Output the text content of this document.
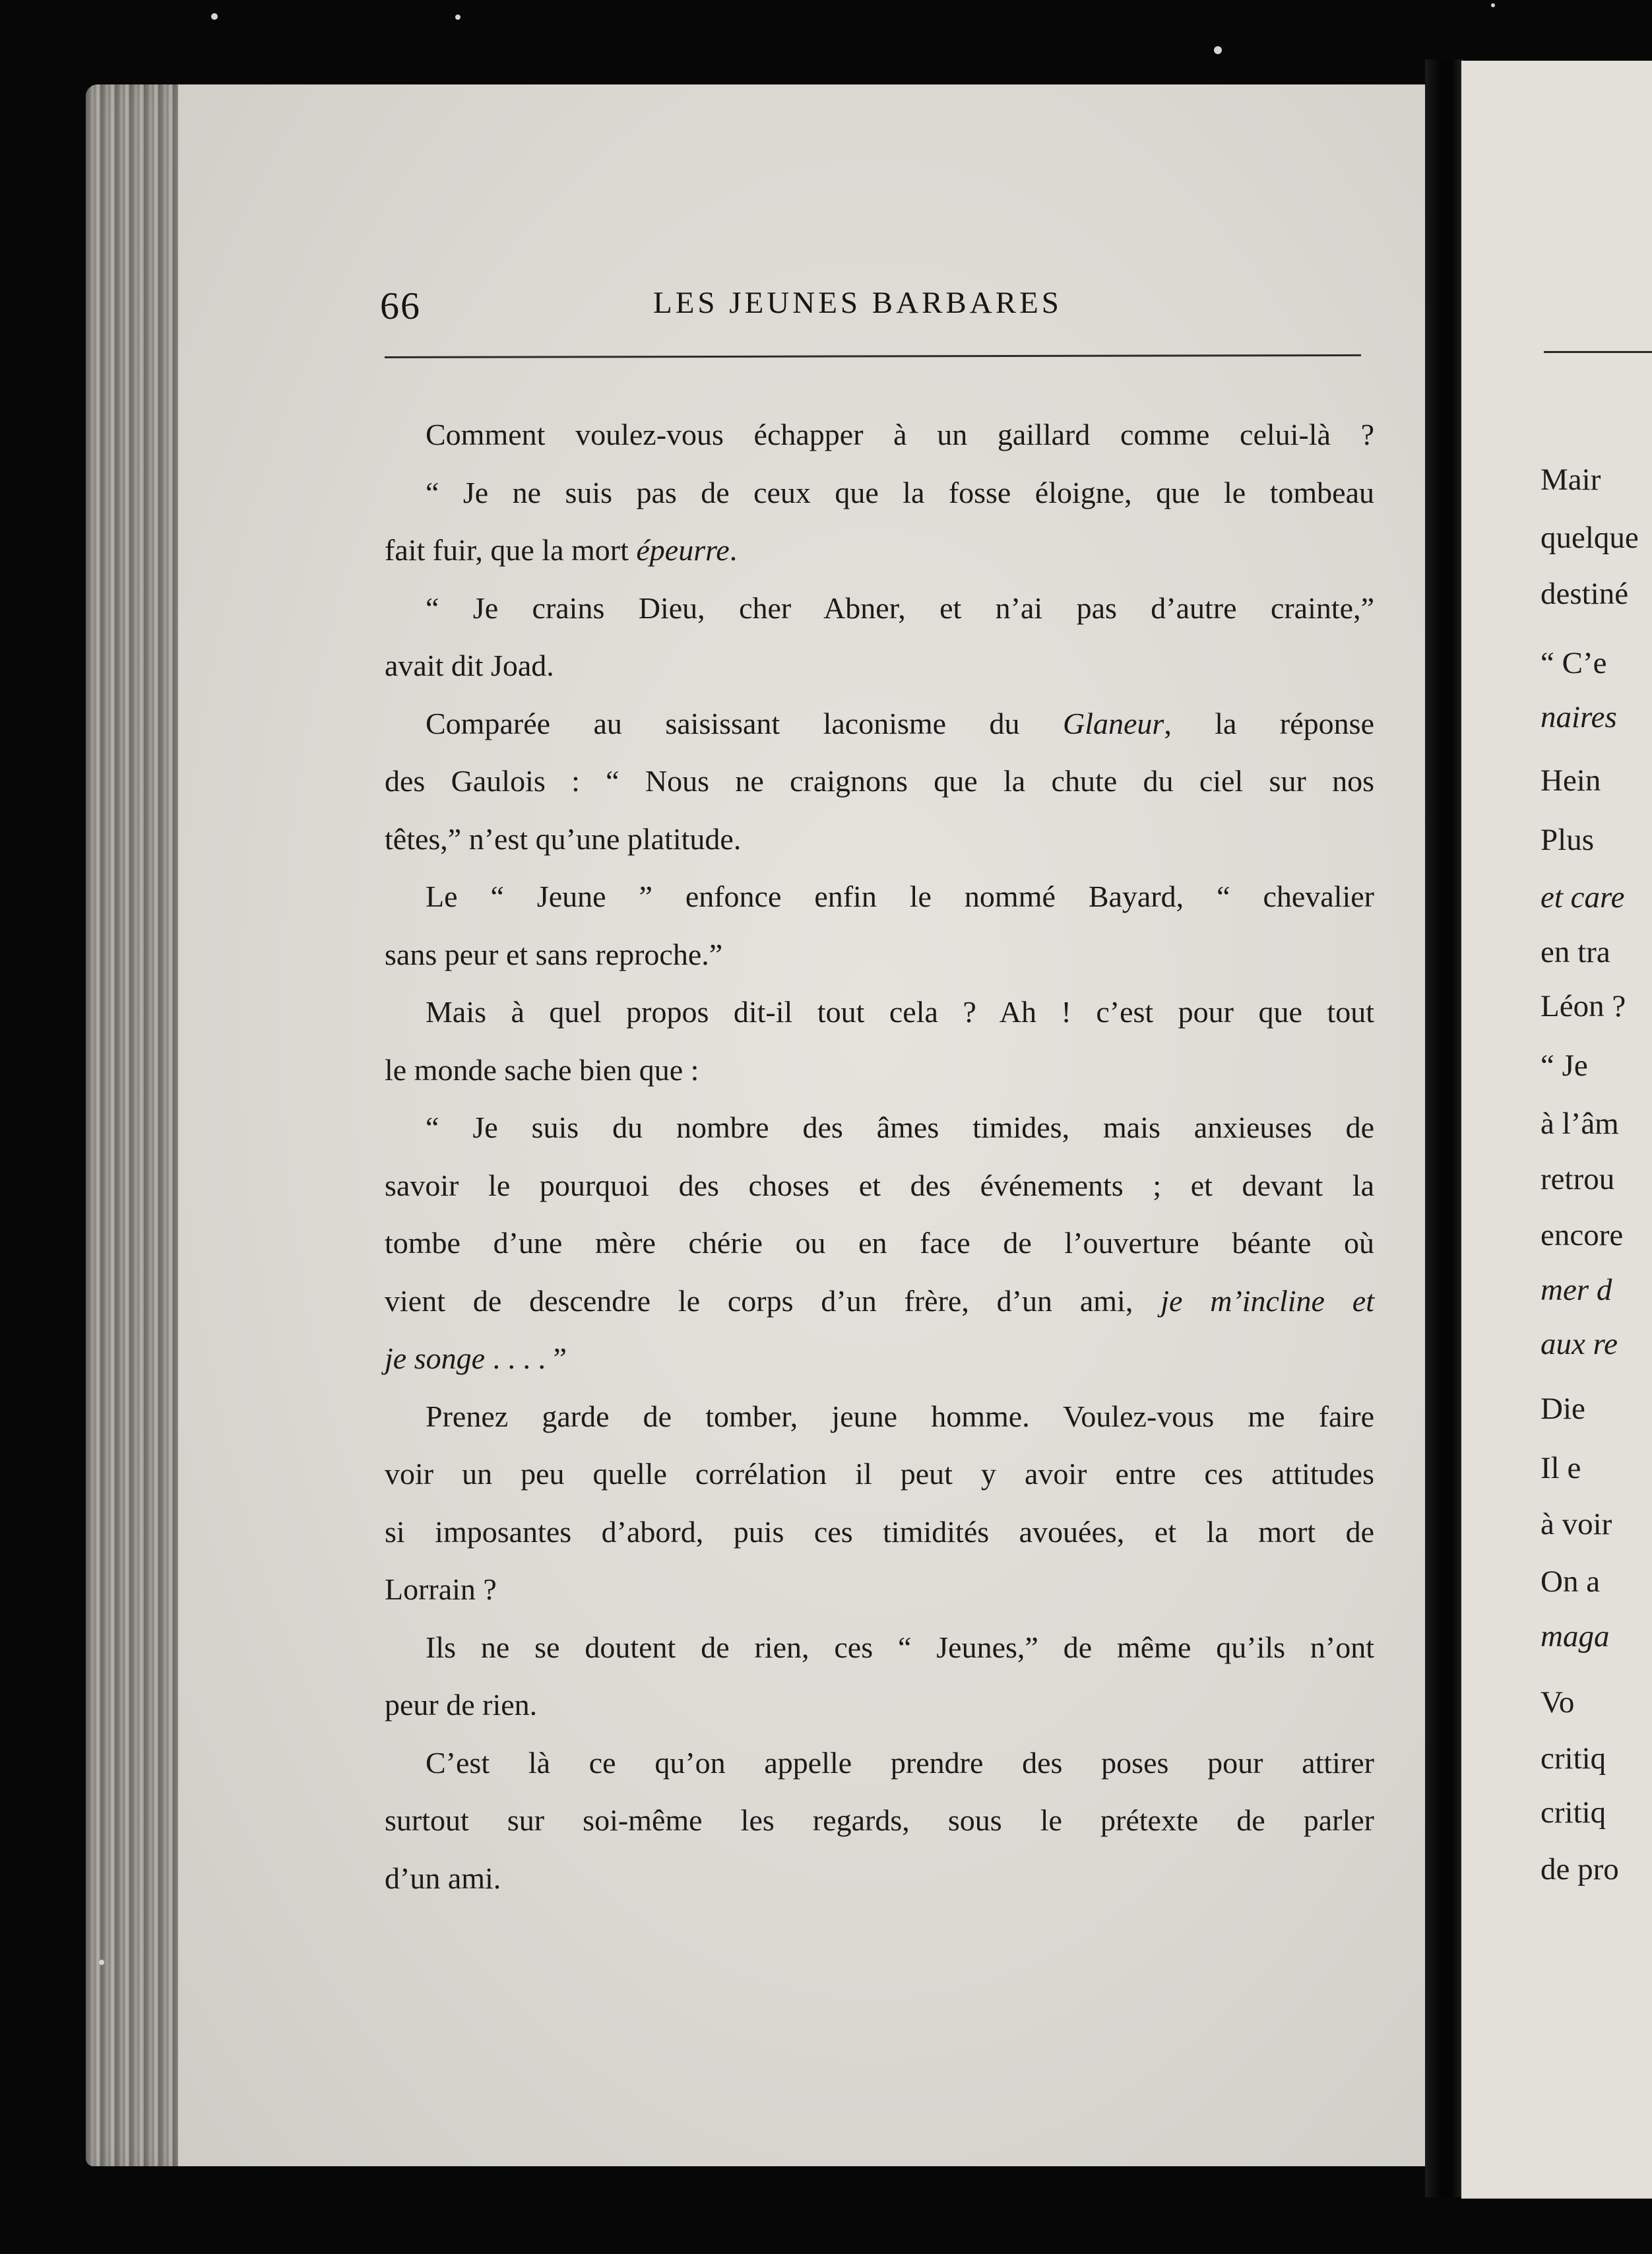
Mair
quelque
destiné
“ C’e
naires
Hein
Plus
et care
en tra
Léon ?
“ Je
à l’âm
retrou
encore
mer d
aux re
Die
Il e
à voir
On a
maga
Vo
critiq
critiq
de pro
66	LES JEUNES BARBARES
Comment voulez-vous échapper à un gaillard comme celui-là ?
“ Je ne suis pas de ceux que la fosse éloigne, que le tombeau
fait fuir, que la mort épeurre.
“ Je crains Dieu, cher Abner, et n’ai pas d’autre crainte,”
avait dit Joad.
Comparée au saisissant laconisme du Glaneur, la réponse
des Gaulois : “ Nous ne craignons que la chute du ciel sur nos
têtes,” n’est qu’une platitude.
Le “ Jeune ” enfonce enfin le nommé Bayard, “ chevalier
sans peur et sans reproche.”
Mais à quel propos dit-il tout cela ? Ah ! c’est pour que tout
le monde sache bien que :
“ Je suis du nombre des âmes timides, mais anxieuses de
savoir le pourquoi des choses et des événements ; et devant la
tombe d’une mère chérie ou en face de l’ouverture béante où
vient de descendre le corps d’un frère, d’un ami, je m’incline et
je songe . . . . ”
Prenez garde de tomber, jeune homme. Voulez-vous me faire
voir un peu quelle corrélation il peut y avoir entre ces attitudes
si imposantes d’abord, puis ces timidités avouées, et la mort de
Lorrain ?
Ils ne se doutent de rien, ces “ Jeunes,” de même qu’ils n’ont
peur de rien.
C’est là ce qu’on appelle prendre des poses pour attirer
surtout sur soi-même les regards, sous le prétexte de parler
d’un ami.
